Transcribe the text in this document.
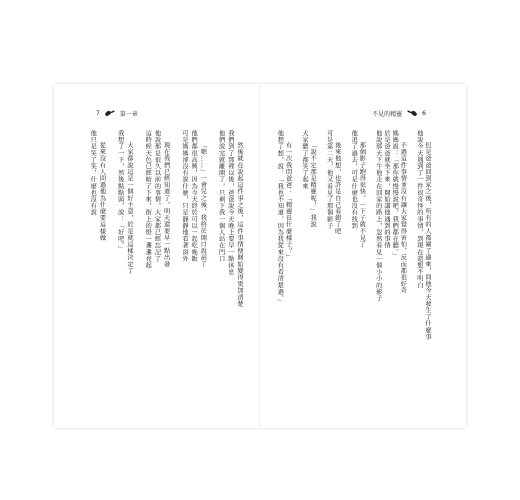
7	第一章
然後就在說起這件事之後，這件事情便開始變得更加清楚
我們到了那裡以後，爸爸說今天晚上要早一點休息
他們說完就離開了，只剩下我一個人站在門口
「嗯……」一會兒之後，我終於開口說話了
他們都很高興，因為今天終於可以一起吃晚飯
可是媽媽卻沒有說什麼，只是靜靜地看著窗外
現在我們已經知道了，明天還要早一點出發
他說那是很久以前的事情，大家都已經忘記了
這時候天色已經暗了下來，街上的燈一盞盞亮起
大家都說這是一個好主意，於是就這樣決定了
我想了一下，然後點點頭，說：「好吧。」
從來沒有人問過他為什麼要這樣做
他只是笑了笑，什麼也沒有說
不見的精靈	6
但是爸爸回到家之後，所有的人都圍了過來，問他今天發生了什麼事
他說今天遇到了一件很奇怪的事情，到現在還想不明白
不過這件事情並沒有讓大家覺得害怕，反而都很好奇
媽媽說：「那你就慢慢說吧，我們都在聽。」
於是爸爸就坐下來，開始講他遇到的事情
他說那天下午他走在回家的路上，忽然看見一個小小的影子
那個影子跑得很快，一下子就不見了
他追了過去，可是什麼也沒有找到
後來他想，也許是自己看錯了吧
可是第二天，他又看見了那個影子
「說不定那是精靈呢！」我說
大家聽了都笑了起來
有一次我問爸爸：「精靈長什麼樣子？」
他想了想，說：「我也不知道，因為我從來沒有看清楚過。」
